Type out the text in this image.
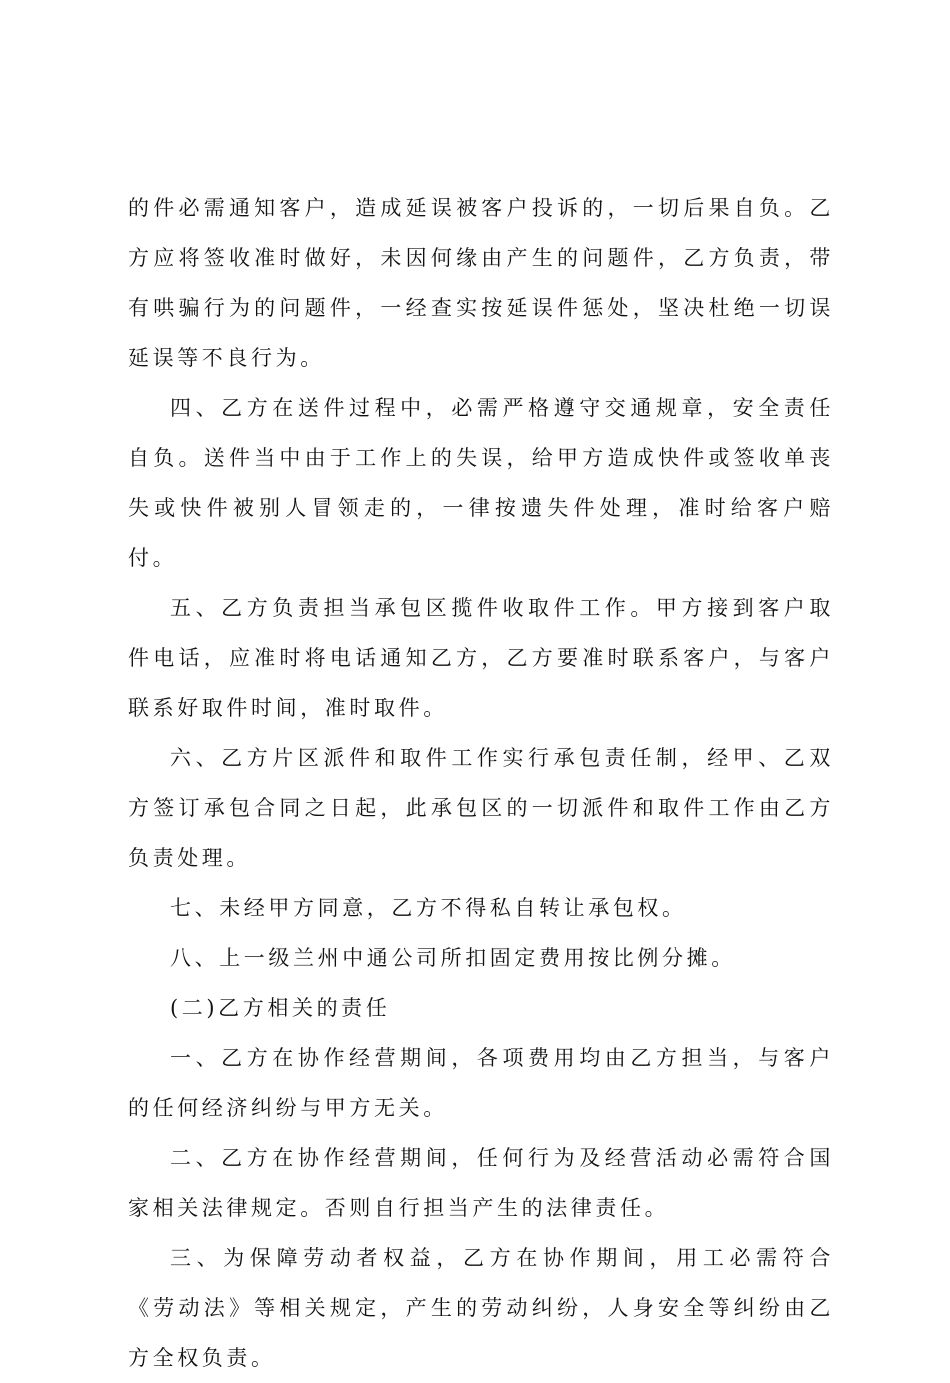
的件必需通知客户，造成延误被客户投诉的，一切后果自负。乙方应将签收准时做好，未因何缘由产生的问题件，乙方负责，带有哄骗行为的问题件，一经查实按延误件惩处，坚决杜绝一切误延误等不良行为。

四、乙方在送件过程中，必需严格遵守交通规章，安全责任自负。送件当中由于工作上的失误，给甲方造成快件或签收单丧失或快件被别人冒领走的，一律按遗失件处理，准时给客户赔付。

五、乙方负责担当承包区揽件收取件工作。甲方接到客户取件电话，应准时将电话通知乙方，乙方要准时联系客户，与客户联系好取件时间，准时取件。

六、乙方片区派件和取件工作实行承包责任制，经甲、乙双方签订承包合同之日起，此承包区的一切派件和取件工作由乙方负责处理。

七、未经甲方同意，乙方不得私自转让承包权。

八、上一级兰州中通公司所扣固定费用按比例分摊。

(二)乙方相关的责任

一、乙方在协作经营期间，各项费用均由乙方担当，与客户的任何经济纠纷与甲方无关。

二、乙方在协作经营期间，任何行为及经营活动必需符合国家相关法律规定。否则自行担当产生的法律责任。

三、为保障劳动者权益，乙方在协作期间，用工必需符合《劳动法》等相关规定，产生的劳动纠纷，人身安全等纠纷由乙方全权负责。
